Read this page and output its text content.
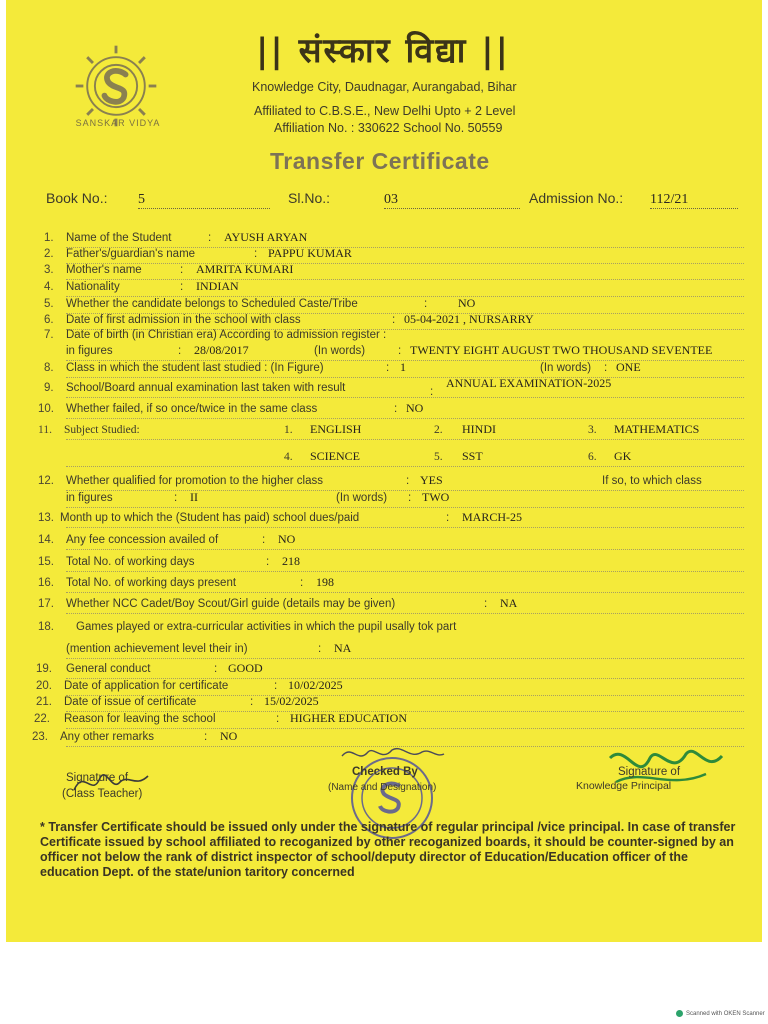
SANSKAR VIDYA
|| संस्कार विद्या ||
Knowledge City, Daudnagar, Aurangabad, Bihar
Affiliated to C.B.S.E., New Delhi Upto + 2 Level
Affiliation No. : 330622 School No. 50559
Transfer Certificate
Book No.: 5	Sl.No.:	03	Admission No.: 112/21
1. Name of the Student	: AYUSH ARYAN
2. Father's/guardian's name	: PAPPU KUMAR
3. Mother's name	: AMRITA KUMARI
4. Nationality	: INDIAN
5. Whether the candidate belongs to Scheduled Caste/Tribe	:	NO
6. Date of first admission in the school with class	: 05-04-2021 , NURSARRY
7. Date of birth (in Christian era) According to admission register :
in figures	: 28/08/2017	(In words)	: TWENTY EIGHT AUGUST TWO THOUSAND SEVENTEE
8. Class in which the student last studied : (In Figure)	: 1	(In words) : ONE
9. School/Board annual examination last taken with result	:
ANNUAL EXAMINATION-2025
10. Whether failed, if so once/twice in the same class	: NO
11. Subject Studied:	1. ENGLISH	2. HINDI	3. MATHEMATICS
4. SCIENCE	5. SST	6. GK
12. Whether qualified for promotion to the higher class	: YES	If so, to which class
in figures	: II	(In words) : TWO
13. Month up to which the (Student has paid) school dues/paid	: MARCH-25
14. Any fee concession availed of	: NO
15. Total No. of working days	: 218
16. Total No. of working days present	: 198
17. Whether NCC Cadet/Boy Scout/Girl guide (details may be given)	: NA
18. Games played or extra-curricular activities in which the pupil usally tok part
(mention achievement level their in)	: NA
19. General conduct	: GOOD
20. Date of application for certificate	: 10/02/2025
21. Date of issue of certificate	: 15/02/2025
22. Reason for leaving the school	: HIGHER EDUCATION
23. Any other remarks	: NO
Signature of
(Class Teacher)
Checked By
(Name and Designation)
Signature of
Knowledge Principal
* Transfer Certificate should be issued only under the signature of regular principal /vice principal. In case of transfer Certificate issued by school affiliated to recoganized by other recoganized boards, it should be counter-signed by an officer not below the rank of district inspector of school/deputy director of Education/Education officer of the education Dept. of the state/union taritory concerned
Scanned with OKEN Scanner
